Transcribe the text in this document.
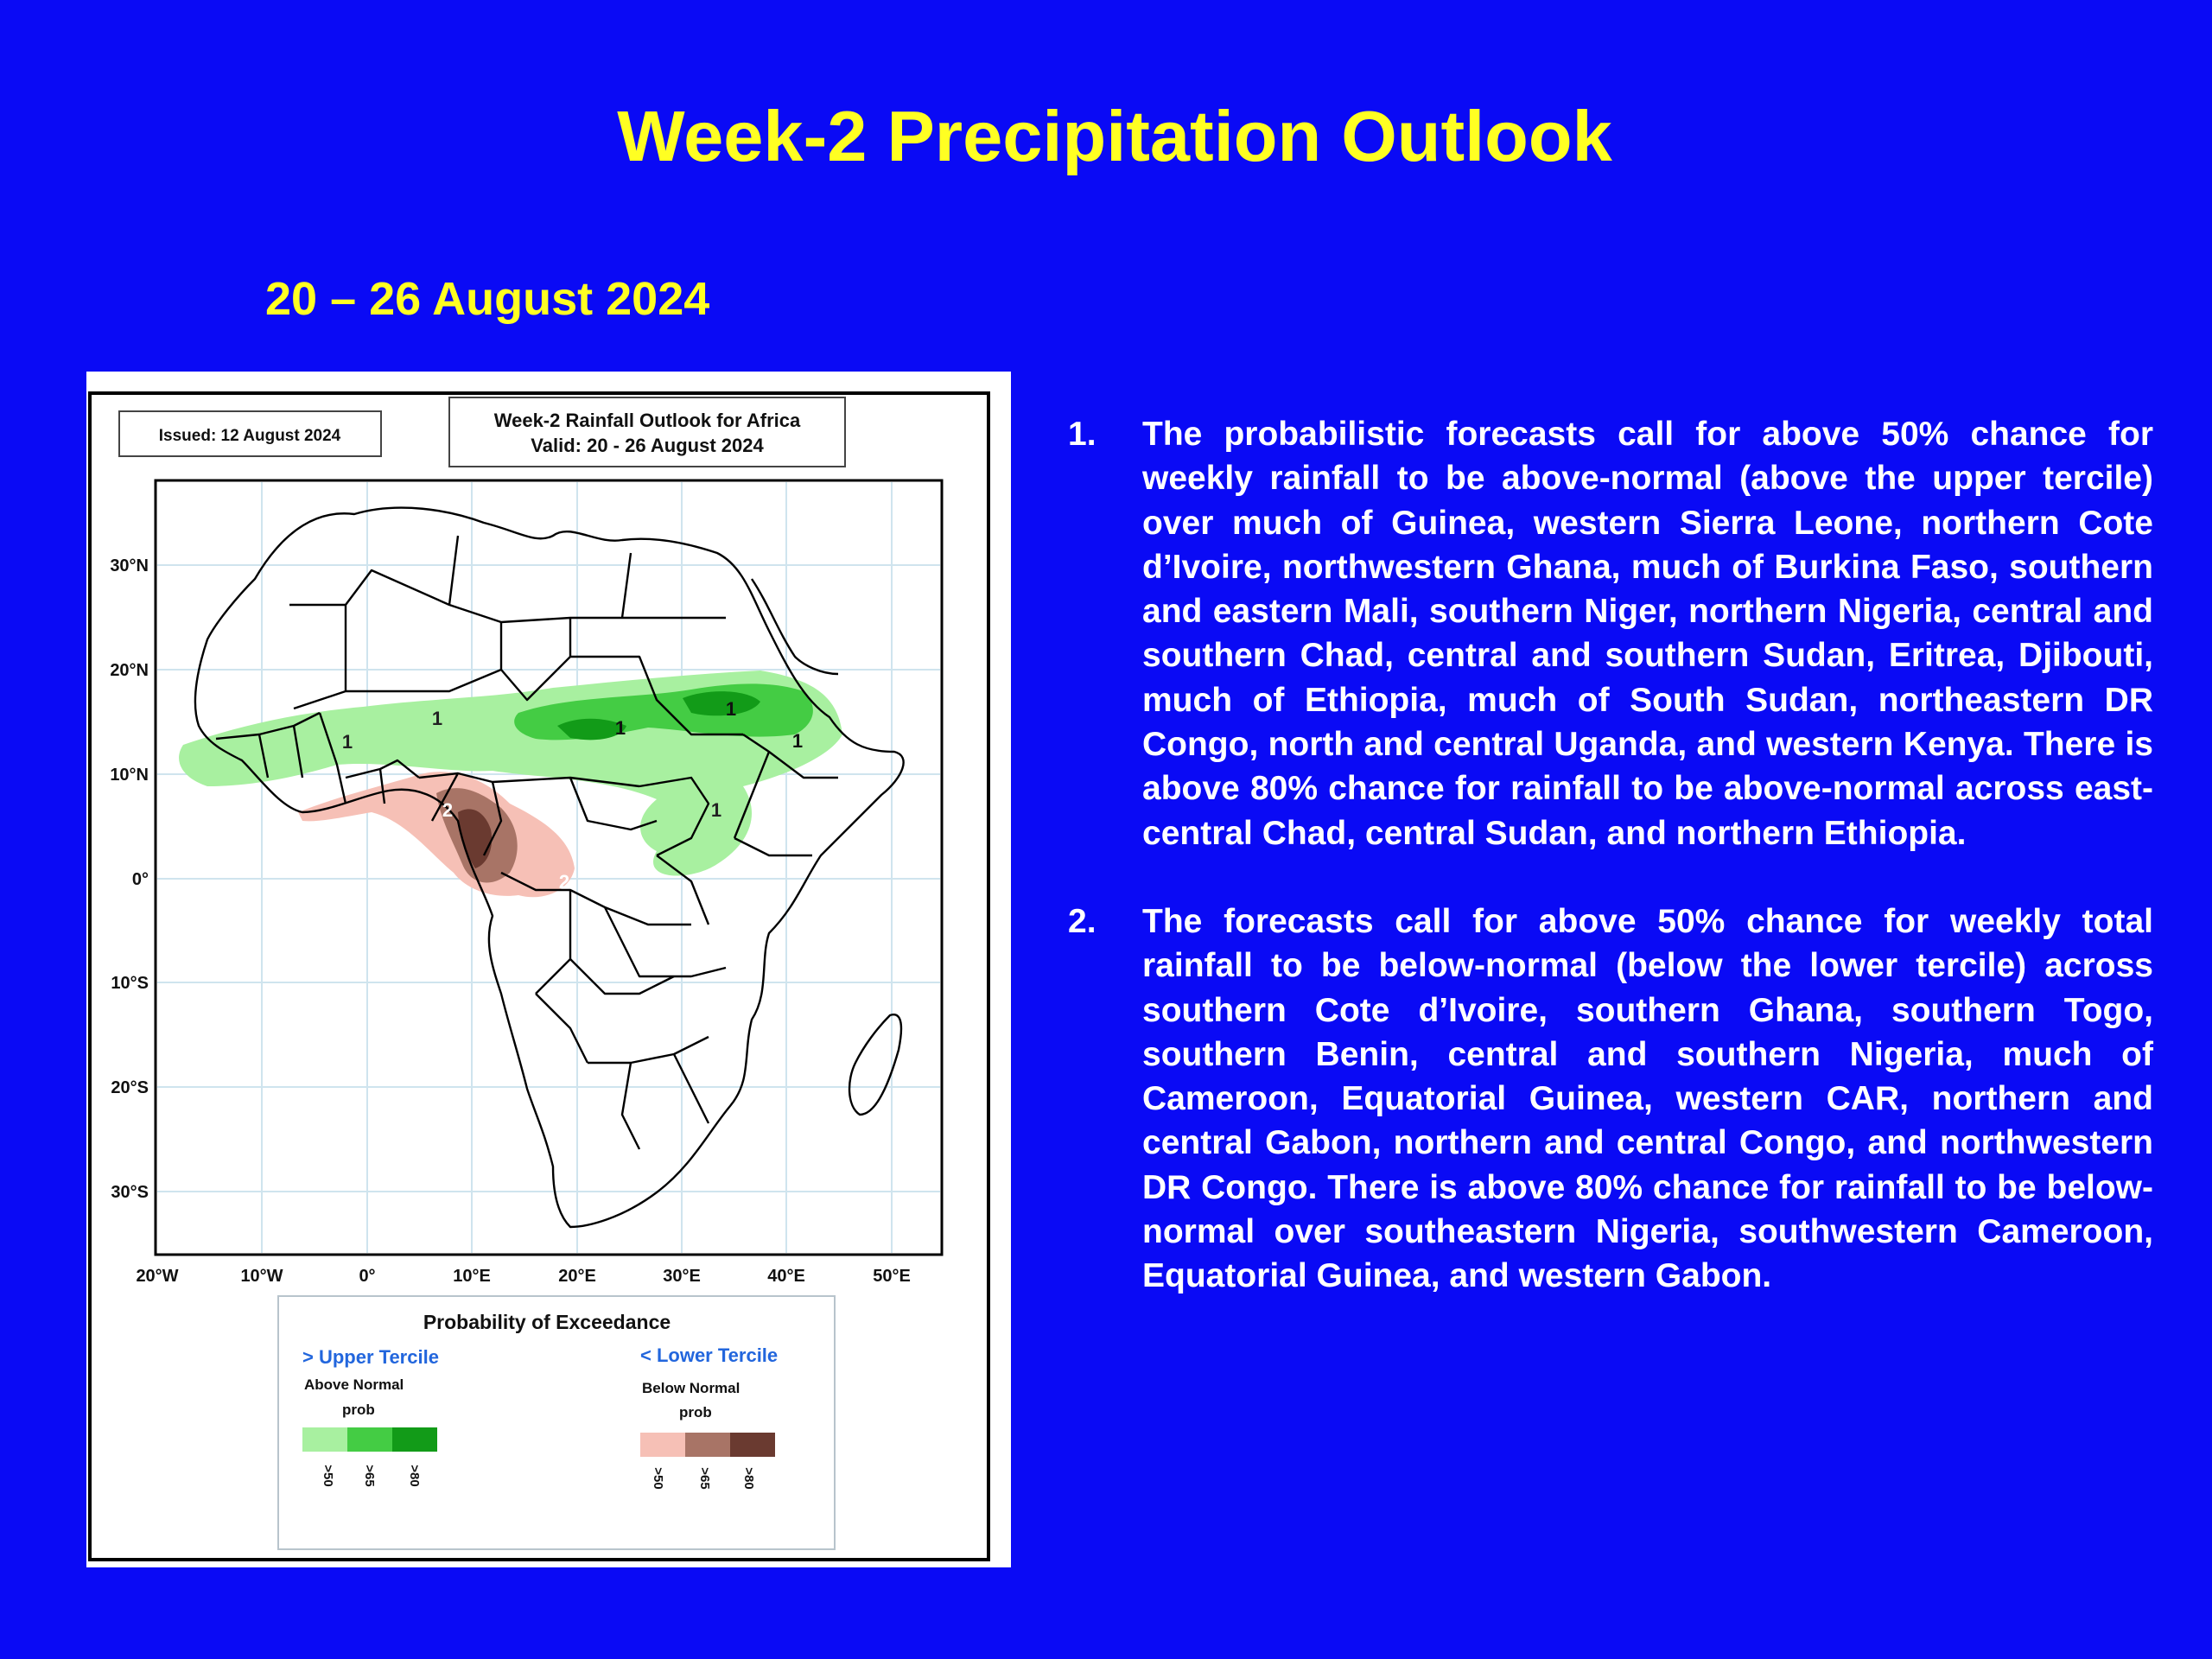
Week-2 Precipitation Outlook
20 – 26 August 2024
Issued: 12 August 2024
Week-2 Rainfall Outlook for Africa
Valid: 20 - 26 August 2024
1
1	1
1
1
1
2
2
30°N
20°N
10°N
0°
10°S
20°S
30°S
20°W	10°W	0°	10°E	20°E	30°E	40°E	50°E
Probability of Exceedance
> Upper Tercile
Above Normal
prob
>50 >65 >80
< Lower Tercile
Below Normal
prob
>50 >65 >80
1.	The probabilistic forecasts call for above 50% chance for weekly rainfall to be above-normal (above the upper tercile) over much of Guinea, western Sierra Leone, northern Cote d’Ivoire, northwestern Ghana, much of Burkina Faso, southern and eastern Mali, southern Niger, northern Nigeria, central and southern Chad, central and southern Sudan, Eritrea, Djibouti, much of Ethiopia, much of South Sudan, northeastern DR Congo, north and central Uganda, and western Kenya. There is above 80% chance for rainfall to be above-normal across east-central Chad, central Sudan, and northern Ethiopia.
2.	The forecasts call for above 50% chance for weekly total rainfall to be below-normal (below the lower tercile) across southern Cote d’Ivoire, southern Ghana, southern Togo, southern Benin, central and southern Nigeria, much of Cameroon, Equatorial Guinea, western CAR, northern and central Gabon, northern and central Congo, and northwestern DR Congo. There is above 80% chance for rainfall to be below-normal over southeastern Nigeria, southwestern Cameroon, Equatorial Guinea, and western Gabon.
